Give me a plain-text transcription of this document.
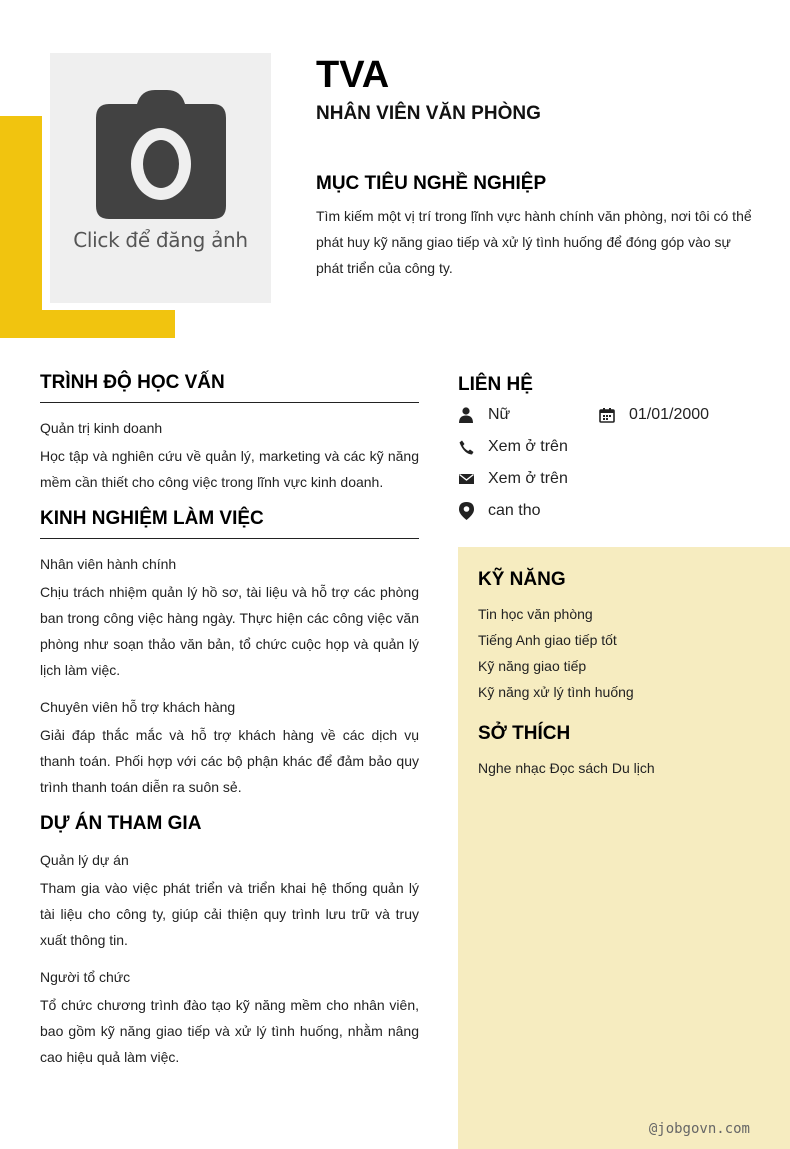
Click để đăng ảnh
TVA
NHÂN VIÊN VĂN PHÒNG
MỤC TIÊU NGHỀ NGHIỆP
Tìm kiếm một vị trí trong lĩnh vực hành chính văn phòng, nơi tôi có thể phát huy kỹ năng giao tiếp và xử lý tình huống để đóng góp vào sự phát triển của công ty.
TRÌNH ĐỘ HỌC VẤN
Quản trị kinh doanh
Học tập và nghiên cứu về quản lý, marketing và các kỹ năng mềm cần thiết cho công việc trong lĩnh vực kinh doanh.
KINH NGHIỆM LÀM VIỆC
Nhân viên hành chính
Chịu trách nhiệm quản lý hồ sơ, tài liệu và hỗ trợ các phòng ban trong công việc hàng ngày. Thực hiện các công việc văn phòng như soạn thảo văn bản, tổ chức cuộc họp và quản lý lịch làm việc.
Chuyên viên hỗ trợ khách hàng
Giải đáp thắc mắc và hỗ trợ khách hàng về các dịch vụ thanh toán. Phối hợp với các bộ phận khác để đảm bảo quy trình thanh toán diễn ra suôn sẻ.
DỰ ÁN THAM GIA
Quản lý dự án
Tham gia vào việc phát triển và triển khai hệ thống quản lý tài liệu cho công ty, giúp cải thiện quy trình lưu trữ và truy xuất thông tin.
Người tổ chức
Tổ chức chương trình đào tạo kỹ năng mềm cho nhân viên, bao gồm kỹ năng giao tiếp và xử lý tình huống, nhằm nâng cao hiệu quả làm việc.
LIÊN HỆ
Nữ	01/01/2000
Xem ở trên
Xem ở trên
can tho
KỸ NĂNG
Tin học văn phòng
Tiếng Anh giao tiếp tốt
Kỹ năng giao tiếp
Kỹ năng xử lý tình huống
SỞ THÍCH
Nghe nhạc Đọc sách Du lịch
@jobgovn.com
